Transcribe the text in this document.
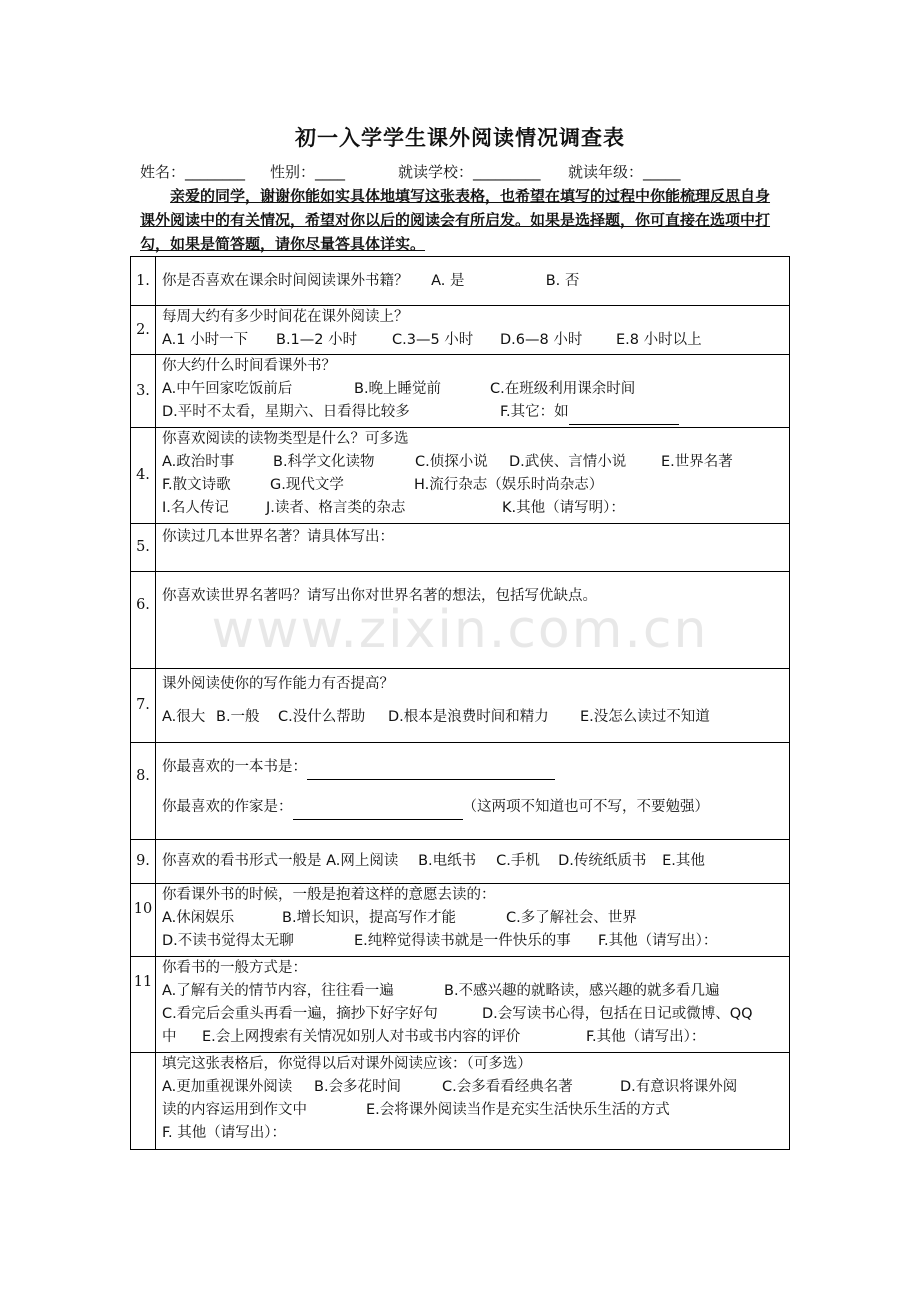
初一入学学生课外阅读情况调查表
姓名：________ 性别：____	就读学校：_________ 就读年级：_____
亲爱的同学，谢谢你能如实具体地填写这张表格，也希望在填写的过程中你能梳理反思自身课外阅读中的有关情况，希望对你以后的阅读会有所启发。如果是选择题，你可直接在选项中打勾，如果是简答题，请你尽量答具体详实。
1.	你是否喜欢在课余时间阅读课外书籍？ A. 是 B. 否

2.	每周大约有多少时间花在课外阅读上？
A.1 小时一下 B.1—2 小时 C.3—5 小时 D.6—8 小时 E.8 小时以上

3.	你大约什么时间看课外书？
A.中午回家吃饭前后 B.晚上睡觉前 C.在班级利用课余时间
D.平时不太看，星期六、日看得比较多 F.其它：如

4.	你喜欢阅读的读物类型是什么？可多选
A.政治时事 B.科学文化读物 C.侦探小说 D.武侠、言情小说 E.世界名著
F.散文诗歌 G.现代文学 H.流行杂志（娱乐时尚杂志）
I.名人传记 J.读者、格言类的杂志 K.其他（请写明）：

5.	你读过几本世界名著？请具体写出：

6.	你喜欢读世界名著吗？请写出你对世界名著的想法，包括写优缺点。

7.	课外阅读使你的写作能力有否提高？
A.很大 B.一般 C.没什么帮助 D.根本是浪费时间和精力 E.没怎么读过不知道

8.	你最喜欢的一本书是：
你最喜欢的作家是： （这两项不知道也可不写，不要勉强）

9.	你喜欢的看书形式一般是 A.网上阅读 B.电纸书 C.手机 D.传统纸质书 E.其他

10	你看课外书的时候，一般是抱着这样的意愿去读的：
A.休闲娱乐 B.增长知识，提高写作才能 C.多了解社会、世界
D.不读书觉得太无聊 E.纯粹觉得读书就是一件快乐的事 F.其他（请写出）：

11	你看书的一般方式是：
A.了解有关的情节内容，往往看一遍 B.不感兴趣的就略读，感兴趣的就多看几遍
C.看完后会重头再看一遍，摘抄下好字好句 D.会写读书心得，包括在日记或微博、QQ
中 E.会上网搜索有关情况如别人对书或书内容的评价 F.其他（请写出）：

	填完这张表格后，你觉得以后对课外阅读应该：（可多选）
A.更加重视课外阅读 B.会多花时间 C.会多看看经典名著 D.有意识将课外阅
读的内容运用到作文中 E.会将课外阅读当作是充实生活快乐生活的方式
F. 其他（请写出）：
www.zixin.com.cn
